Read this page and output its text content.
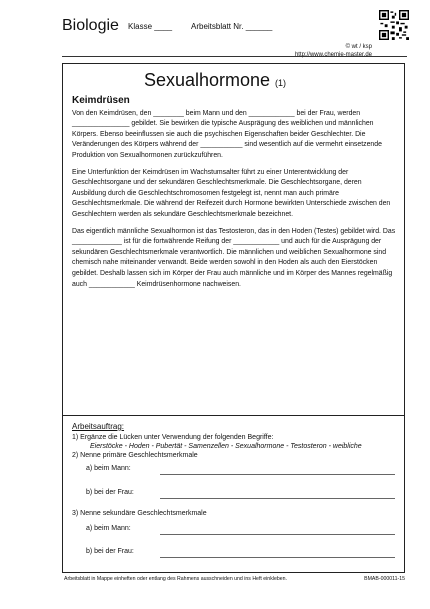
Biologie Klasse ____ Arbeitsblatt Nr. ______
© wt / ksp
http://www.chemie-master.de
Sexualhormone (1)
Keimdrüsen

Von den Keimdrüsen, den ________ beim Mann und den ____________ bei der Frau, werden _______________ gebildet. Sie bewirken die typische Ausprägung des weiblichen und männlichen Körpers. Ebenso beeinflussen sie auch die psychischen Eigenschaften beider Geschlechter. Die Veränderungen des Körpers während der ___________ sind wesentlich auf die vermehrt einsetzende Produktion von Sexualhormonen zurückzuführen.

Eine Unterfunktion der Keimdrüsen im Wachstumsalter führt zu einer Unterentwicklung der Geschlechtsorgane und der sekundären Geschlechtsmerkmale. Die Geschlechtsorgane, deren Ausbildung durch die Geschlechtschromosomen festgelegt ist, nennt man auch primäre Geschlechtsmerkmale. Die während der Reifezeit durch Hormone bewirkten Unterschiede zwischen den Geschlechtern werden als sekundäre Geschlechtsmerkmale bezeichnet.

Das eigentlich männliche Sexualhormon ist das Testosteron, das in den Hoden (Testes) gebildet wird. Das _____________ ist für die fortwährende Reifung der ____________ und auch für die Ausprägung der sekundären Geschlechtsmerkmale verantwortlich. Die männlichen und weiblichen Sexualhormone sind chemisch nahe miteinander verwandt. Beide werden sowohl in den Hoden als auch den Eierstöcken gebildet. Deshalb lassen sich im Körper der Frau auch männliche und im Körper des Mannes regelmäßig auch ____________ Keimdrüsenhormone nachweisen.

Arbeitsauftrag:
1) Ergänze die Lücken unter Verwendung der folgenden Begriffe:
Eierstöcke - Hoden - Pubertät - Samenzellen - Sexualhormone - Testosteron - weibliche
2) Nenne primäre Geschlechtsmerkmale
a) beim Mann:
b) bei der Frau:
3) Nenne sekundäre Geschlechtsmerkmale
a) beim Mann:
b) bei der Frau:
Arbeitsblatt in Mappe einheften oder entlang des Rahmens ausschneiden und ins Heft einkleben.	BMAB-000011-15
